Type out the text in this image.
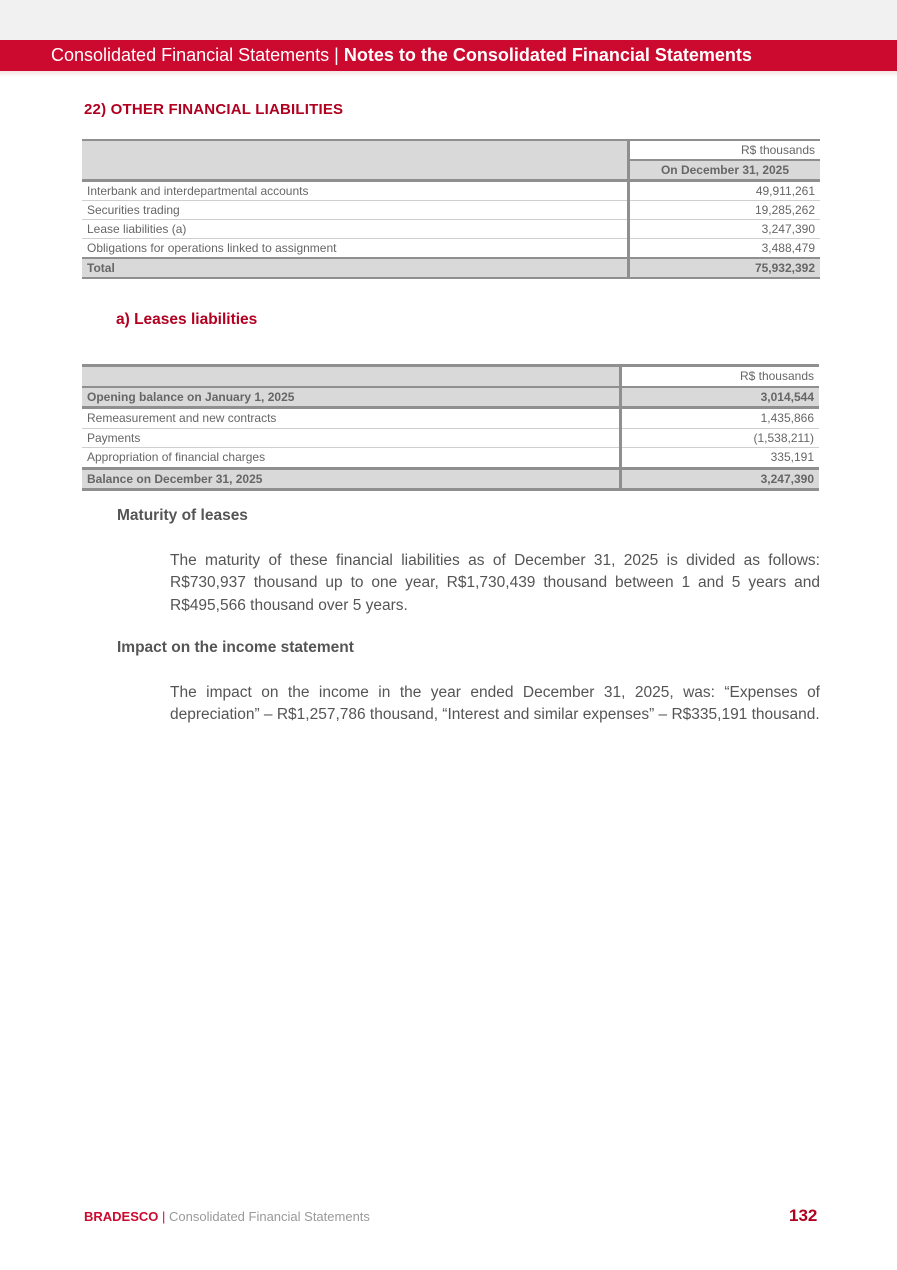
Consolidated Financial Statements | Notes to the Consolidated Financial Statements
22) OTHER FINANCIAL LIABILITIES
	R$ thousands
	On December 31, 2025
Interbank and interdepartmental accounts	49,911,261
Securities trading	19,285,262
Lease liabilities (a)	3,247,390
Obligations for operations linked to assignment	3,488,479
Total	75,932,392
a) Leases liabilities
	R$ thousands
Opening balance on January 1, 2025	3,014,544
Remeasurement and new contracts	1,435,866
Payments	(1,538,211)
Appropriation of financial charges	335,191
Balance on December 31, 2025	3,247,390
Maturity of leases
The maturity of these financial liabilities as of December 31, 2025 is divided as follows: R$730,937 thousand up to one year, R$1,730,439 thousand between 1 and 5 years and R$495,566 thousand over 5 years.
Impact on the income statement
The impact on the income in the year ended December 31, 2025, was: “Expenses of depreciation” – R$1,257,786 thousand, “Interest and similar expenses” – R$335,191 thousand.
BRADESCO | Consolidated Financial Statements	132
